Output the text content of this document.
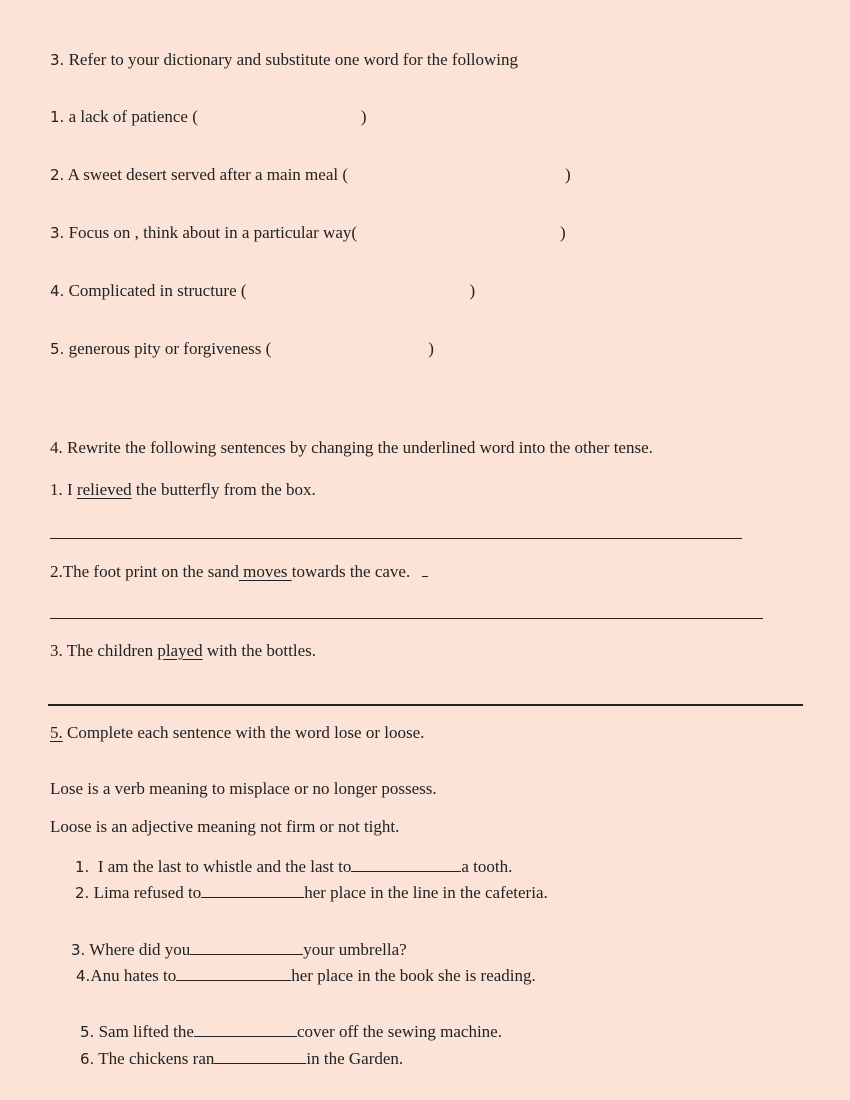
3. Refer to your dictionary and substitute one word for the following
1. a lack of patience (	)
2. A sweet desert served after a main meal (	)
3. Focus on , think about in a particular way(	)
4. Complicated in structure (	)
5. generous pity or forgiveness (	)
4. Rewrite the following sentences by changing the underlined word into the other tense.
1. I relieved the butterfly from the box.
2.The foot print on the sand moves towards the cave.
3. The children played with the bottles.
5. Complete each sentence with the word lose or loose.
Lose is a verb meaning to misplace or no longer possess.
Loose is an adjective meaning not firm or not tight.
1. I am the last to whistle and the last to	a tooth.
2. Lima refused to	her place in the line in the cafeteria.
3. Where did you	your umbrella?
4.Anu hates to	her place in the book she is reading.
5. Sam lifted the	cover off the sewing machine.
6. The chickens ran	in the Garden.
